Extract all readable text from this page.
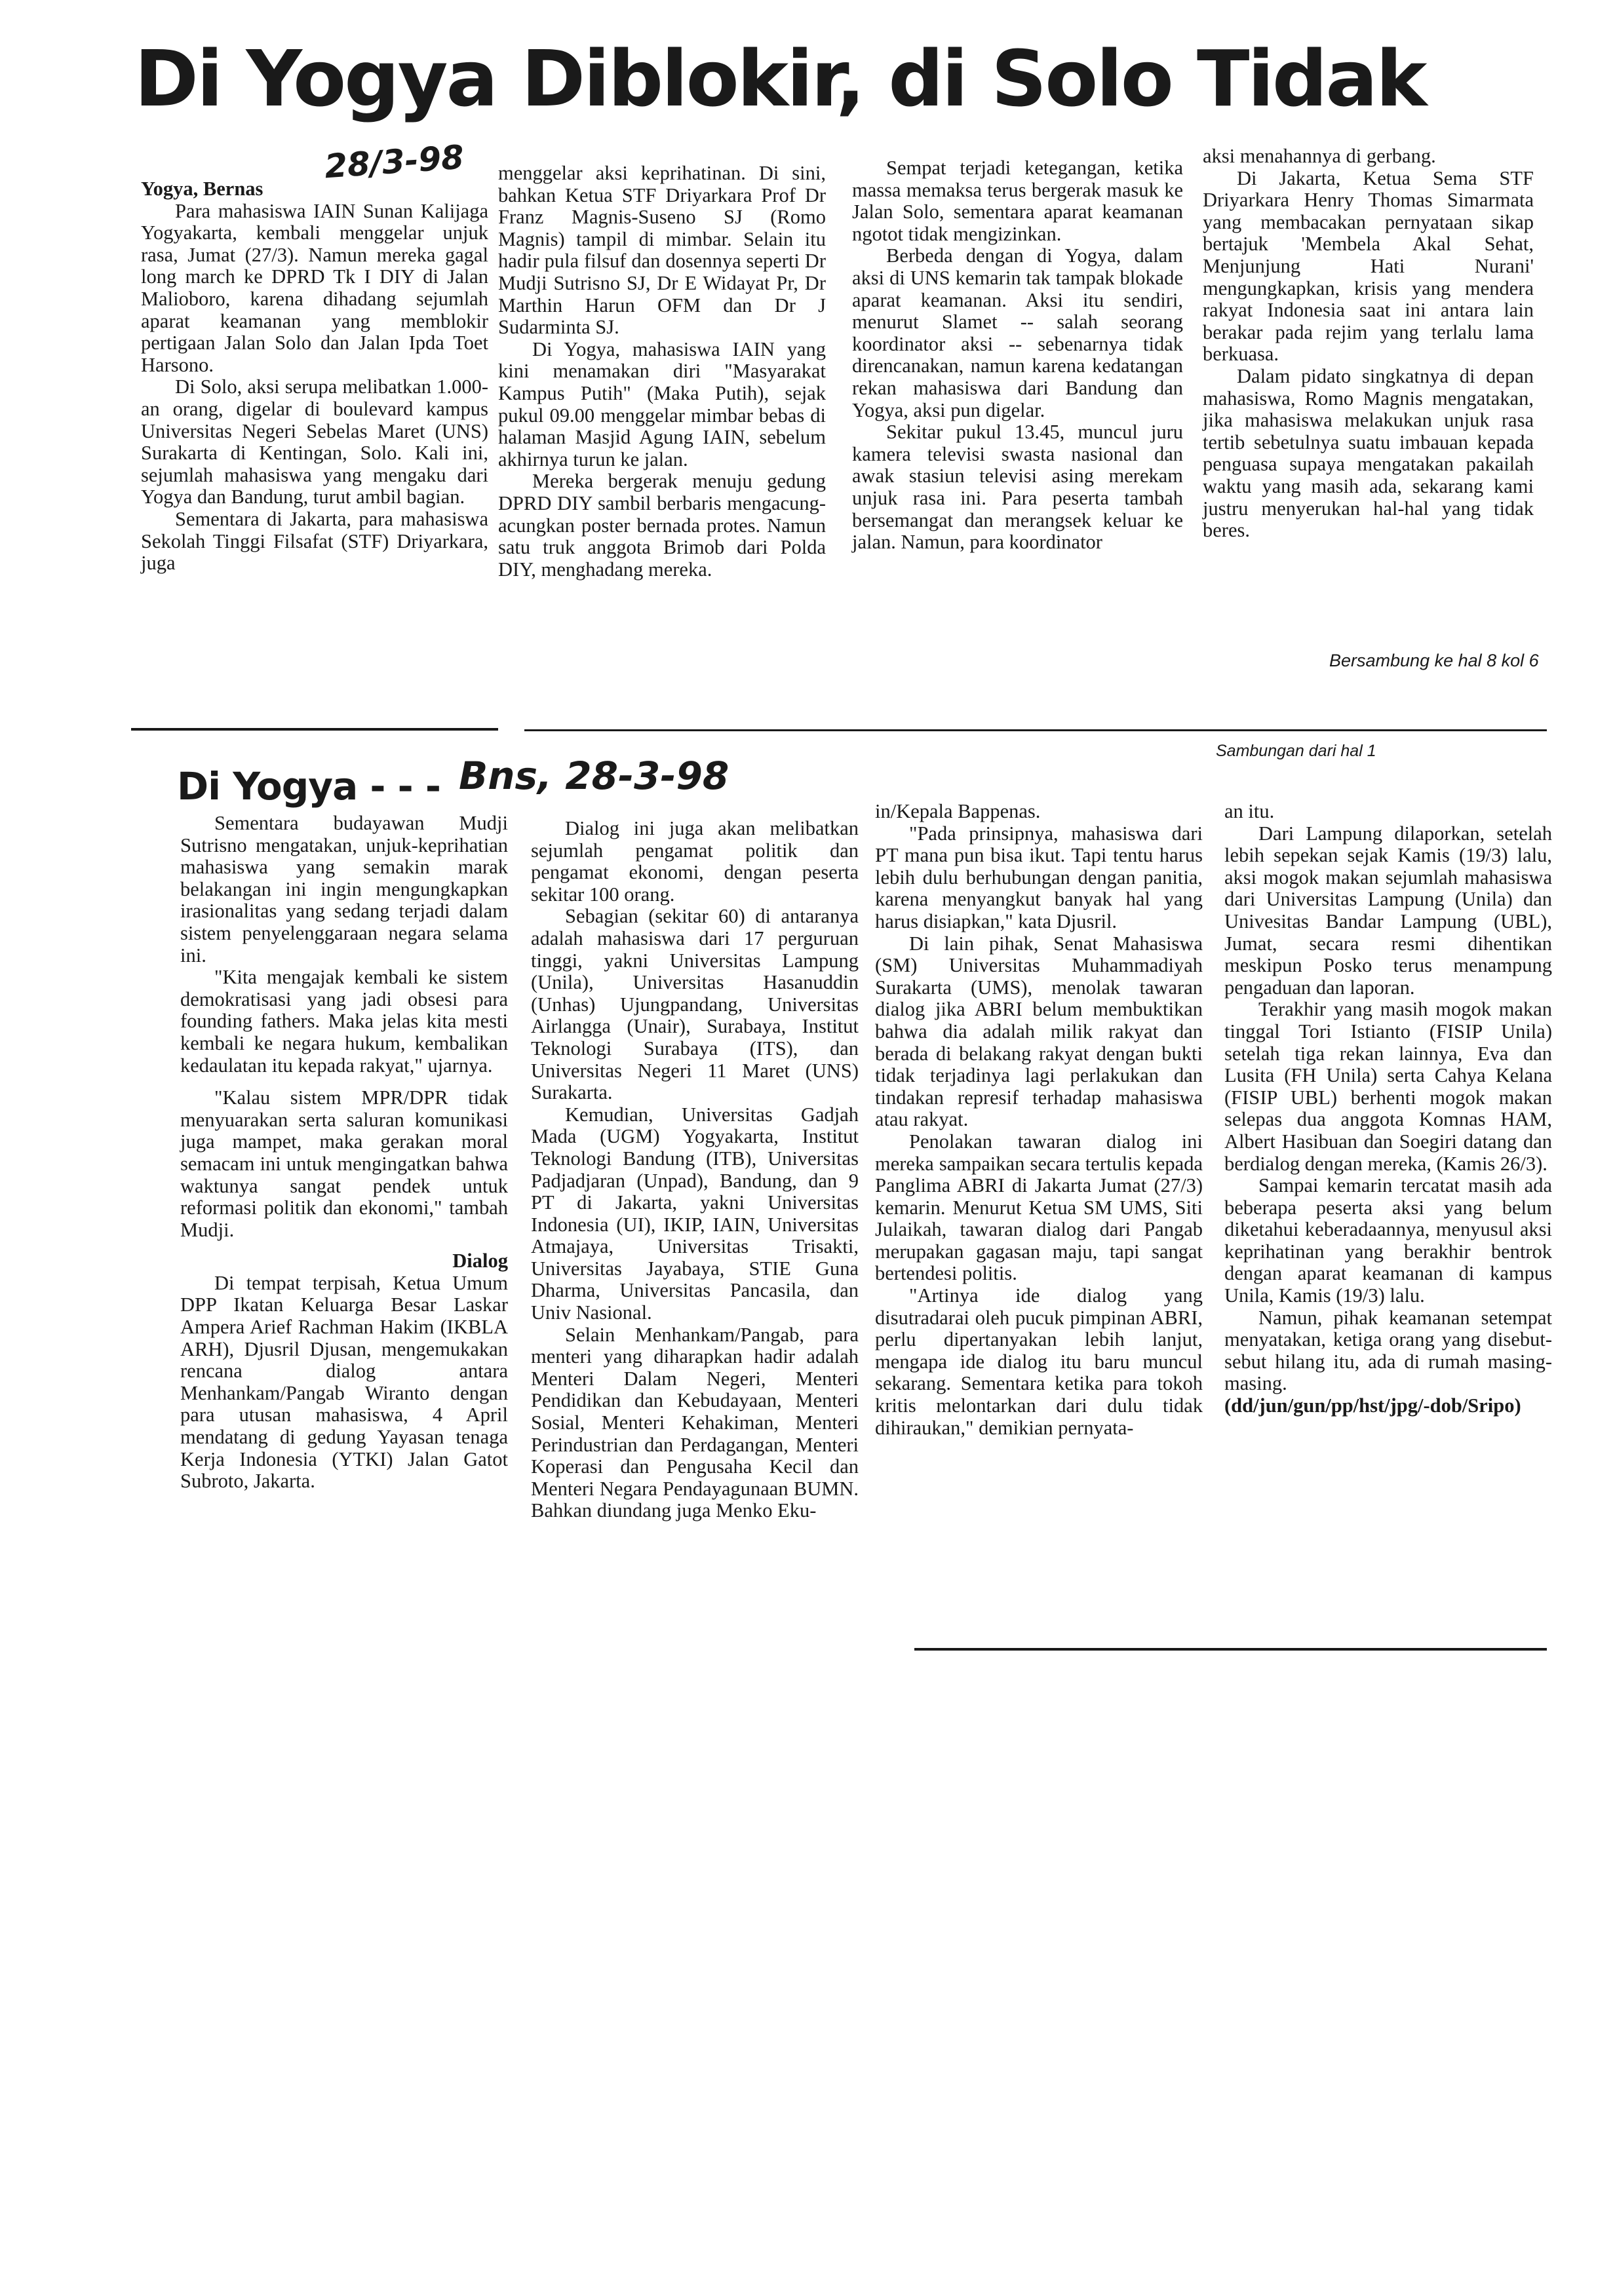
Di Yogya Diblokir, di Solo Tidak
28/3-98

Yogya, Bernas

Para mahasiswa IAIN Sunan Kalijaga Yogyakarta, kembali menggelar unjuk rasa, Jumat (27/3). Namun mereka gagal long march ke DPRD Tk I DIY di Jalan Malioboro, karena dihadang sejumlah aparat keamanan yang memblokir pertigaan Jalan Solo dan Jalan Ipda Toet Harsono.

Di Solo, aksi serupa melibatkan 1.000-an orang, digelar di boulevard kampus Universitas Negeri Sebelas Maret (UNS) Surakarta di Kentingan, Solo. Kali ini, sejumlah mahasiswa yang mengaku dari Yogya dan Bandung, turut ambil bagian.

Sementara di Jakarta, para mahasiswa Sekolah Tinggi Filsafat (STF) Driyarkara, juga

menggelar aksi keprihatinan. Di sini, bahkan Ketua STF Driyarkara Prof Dr Franz Magnis-Suseno SJ (Romo Magnis) tampil di mimbar. Selain itu hadir pula filsuf dan dosennya seperti Dr Mudji Sutrisno SJ, Dr E Widayat Pr, Dr Marthin Harun OFM dan Dr J Sudarminta SJ.

Di Yogya, mahasiswa IAIN yang kini menamakan diri "Masyarakat Kampus Putih" (Maka Putih), sejak pukul 09.00 menggelar mimbar bebas di halaman Masjid Agung IAIN, sebelum akhirnya turun ke jalan.

Mereka bergerak menuju gedung DPRD DIY sambil berbaris mengacung-acungkan poster bernada protes. Namun satu truk anggota Brimob dari Polda DIY, menghadang mereka.

Sempat terjadi ketegangan, ketika massa memaksa terus bergerak masuk ke Jalan Solo, sementara aparat keamanan ngotot tidak mengizinkan.

Berbeda dengan di Yogya, dalam aksi di UNS kemarin tak tampak blokade aparat keamanan. Aksi itu sendiri, menurut Slamet -- salah seorang koordinator aksi -- sebenarnya tidak direncanakan, namun karena kedatangan rekan mahasiswa dari Bandung dan Yogya, aksi pun digelar.

Sekitar pukul 13.45, muncul juru kamera televisi swasta nasional dan awak stasiun televisi asing merekam unjuk rasa ini. Para peserta tambah bersemangat dan merangsek keluar ke jalan. Namun, para koordinator

aksi menahannya di gerbang.

Di Jakarta, Ketua Sema STF Driyarkara Henry Thomas Simarmata yang membacakan pernyataan sikap bertajuk 'Membela Akal Sehat, Menjunjung Hati Nurani' mengungkapkan, krisis yang mendera rakyat Indonesia saat ini antara lain berakar pada rejim yang terlalu lama berkuasa.

Dalam pidato singkatnya di depan mahasiswa, Romo Magnis mengatakan, jika mahasiswa melakukan unjuk rasa tertib sebetulnya suatu imbauan kepada penguasa supaya mengatakan pakailah waktu yang masih ada, sekarang kami justru menyerukan hal-hal yang tidak beres.

Bersambung ke hal 8 kol 6
Sambungan dari hal 1
Di Yogya - - - Bns, 28-3-98

Sementara budayawan Mudji Sutrisno mengatakan, unjuk-keprihatian mahasiswa yang semakin marak belakangan ini ingin mengungkapkan irasionalitas yang sedang terjadi dalam sistem penyelenggaraan negara selama ini.

"Kita mengajak kembali ke sistem demokratisasi yang jadi obsesi para founding fathers. Maka jelas kita mesti kembali ke negara hukum, kembalikan kedaulatan itu kepada rakyat," ujarnya.

"Kalau sistem MPR/DPR tidak menyuarakan serta saluran komunikasi juga mampet, maka gerakan moral semacam ini untuk mengingatkan bahwa waktunya sangat pendek untuk reformasi politik dan ekonomi," tambah Mudji.

Dialog

Di tempat terpisah, Ketua Umum DPP Ikatan Keluarga Besar Laskar Ampera Arief Rachman Hakim (IKBLA ARH), Djusril Djusan, mengemukakan rencana dialog antara Menhankam/Pangab Wiranto dengan para utusan mahasiswa, 4 April mendatang di gedung Yayasan tenaga Kerja Indonesia (YTKI) Jalan Gatot Subroto, Jakarta.

Dialog ini juga akan melibatkan sejumlah pengamat politik dan pengamat ekonomi, dengan peserta sekitar 100 orang.

Sebagian (sekitar 60) di antaranya adalah mahasiswa dari 17 perguruan tinggi, yakni Universitas Lampung (Unila), Universitas Hasanuddin (Unhas) Ujungpandang, Universitas Airlangga (Unair), Surabaya, Institut Teknologi Surabaya (ITS), dan Universitas Negeri 11 Maret (UNS) Surakarta.

Kemudian, Universitas Gadjah Mada (UGM) Yogyakarta, Institut Teknologi Bandung (ITB), Universitas Padjadjaran (Unpad), Bandung, dan 9 PT di Jakarta, yakni Universitas Indonesia (UI), IKIP, IAIN, Universitas Atmajaya, Universitas Trisakti, Universitas Jayabaya, STIE Guna Dharma, Universitas Pancasila, dan Univ Nasional.

Selain Menhankam/Pangab, para menteri yang diharapkan hadir adalah Menteri Dalam Negeri, Menteri Pendidikan dan Kebudayaan, Menteri Sosial, Menteri Kehakiman, Menteri Perindustrian dan Perdagangan, Menteri Koperasi dan Pengusaha Kecil dan Menteri Negara Pendayagunaan BUMN. Bahkan diundang juga Menko Eku-

in/Kepala Bappenas.

"Pada prinsipnya, mahasiswa dari PT mana pun bisa ikut. Tapi tentu harus lebih dulu berhubungan dengan panitia, karena menyangkut banyak hal yang harus disiapkan," kata Djusril.

Di lain pihak, Senat Mahasiswa (SM) Universitas Muhammadiyah Surakarta (UMS), menolak tawaran dialog jika ABRI belum membuktikan bahwa dia adalah milik rakyat dan berada di belakang rakyat dengan bukti tidak terjadinya lagi perlakukan dan tindakan represif terhadap mahasiswa atau rakyat.

Penolakan tawaran dialog ini mereka sampaikan secara tertulis kepada Panglima ABRI di Jakarta Jumat (27/3) kemarin. Menurut Ketua SM UMS, Siti Julaikah, tawaran dialog dari Pangab merupakan gagasan maju, tapi sangat bertendesi politis.

"Artinya ide dialog yang disutradarai oleh pucuk pimpinan ABRI, perlu dipertanyakan lebih lanjut, mengapa ide dialog itu baru muncul sekarang. Sementara ketika para tokoh kritis melontarkan dari dulu tidak dihiraukan," demikian pernyata-

an itu.

Dari Lampung dilaporkan, setelah lebih sepekan sejak Kamis (19/3) lalu, aksi mogok makan sejumlah mahasiswa dari Universitas Lampung (Unila) dan Univesitas Bandar Lampung (UBL), Jumat, secara resmi dihentikan meskipun Posko terus menampung pengaduan dan laporan.

Terakhir yang masih mogok makan tinggal Tori Istianto (FISIP Unila) setelah tiga rekan lainnya, Eva dan Lusita (FH Unila) serta Cahya Kelana (FISIP UBL) berhenti mogok makan selepas dua anggota Komnas HAM, Albert Hasibuan dan Soegiri datang dan berdialog dengan mereka, (Kamis 26/3).

Sampai kemarin tercatat masih ada beberapa peserta aksi yang belum diketahui keberadaannya, menyusul aksi keprihatinan yang berakhir bentrok dengan aparat keamanan di kampus Unila, Kamis (19/3) lalu.

Namun, pihak keamanan setempat menyatakan, ketiga orang yang disebut-sebut hilang itu, ada di rumah masing-masing.

(dd/jun/gun/pp/hst/jpg/-dob/Sripo)
